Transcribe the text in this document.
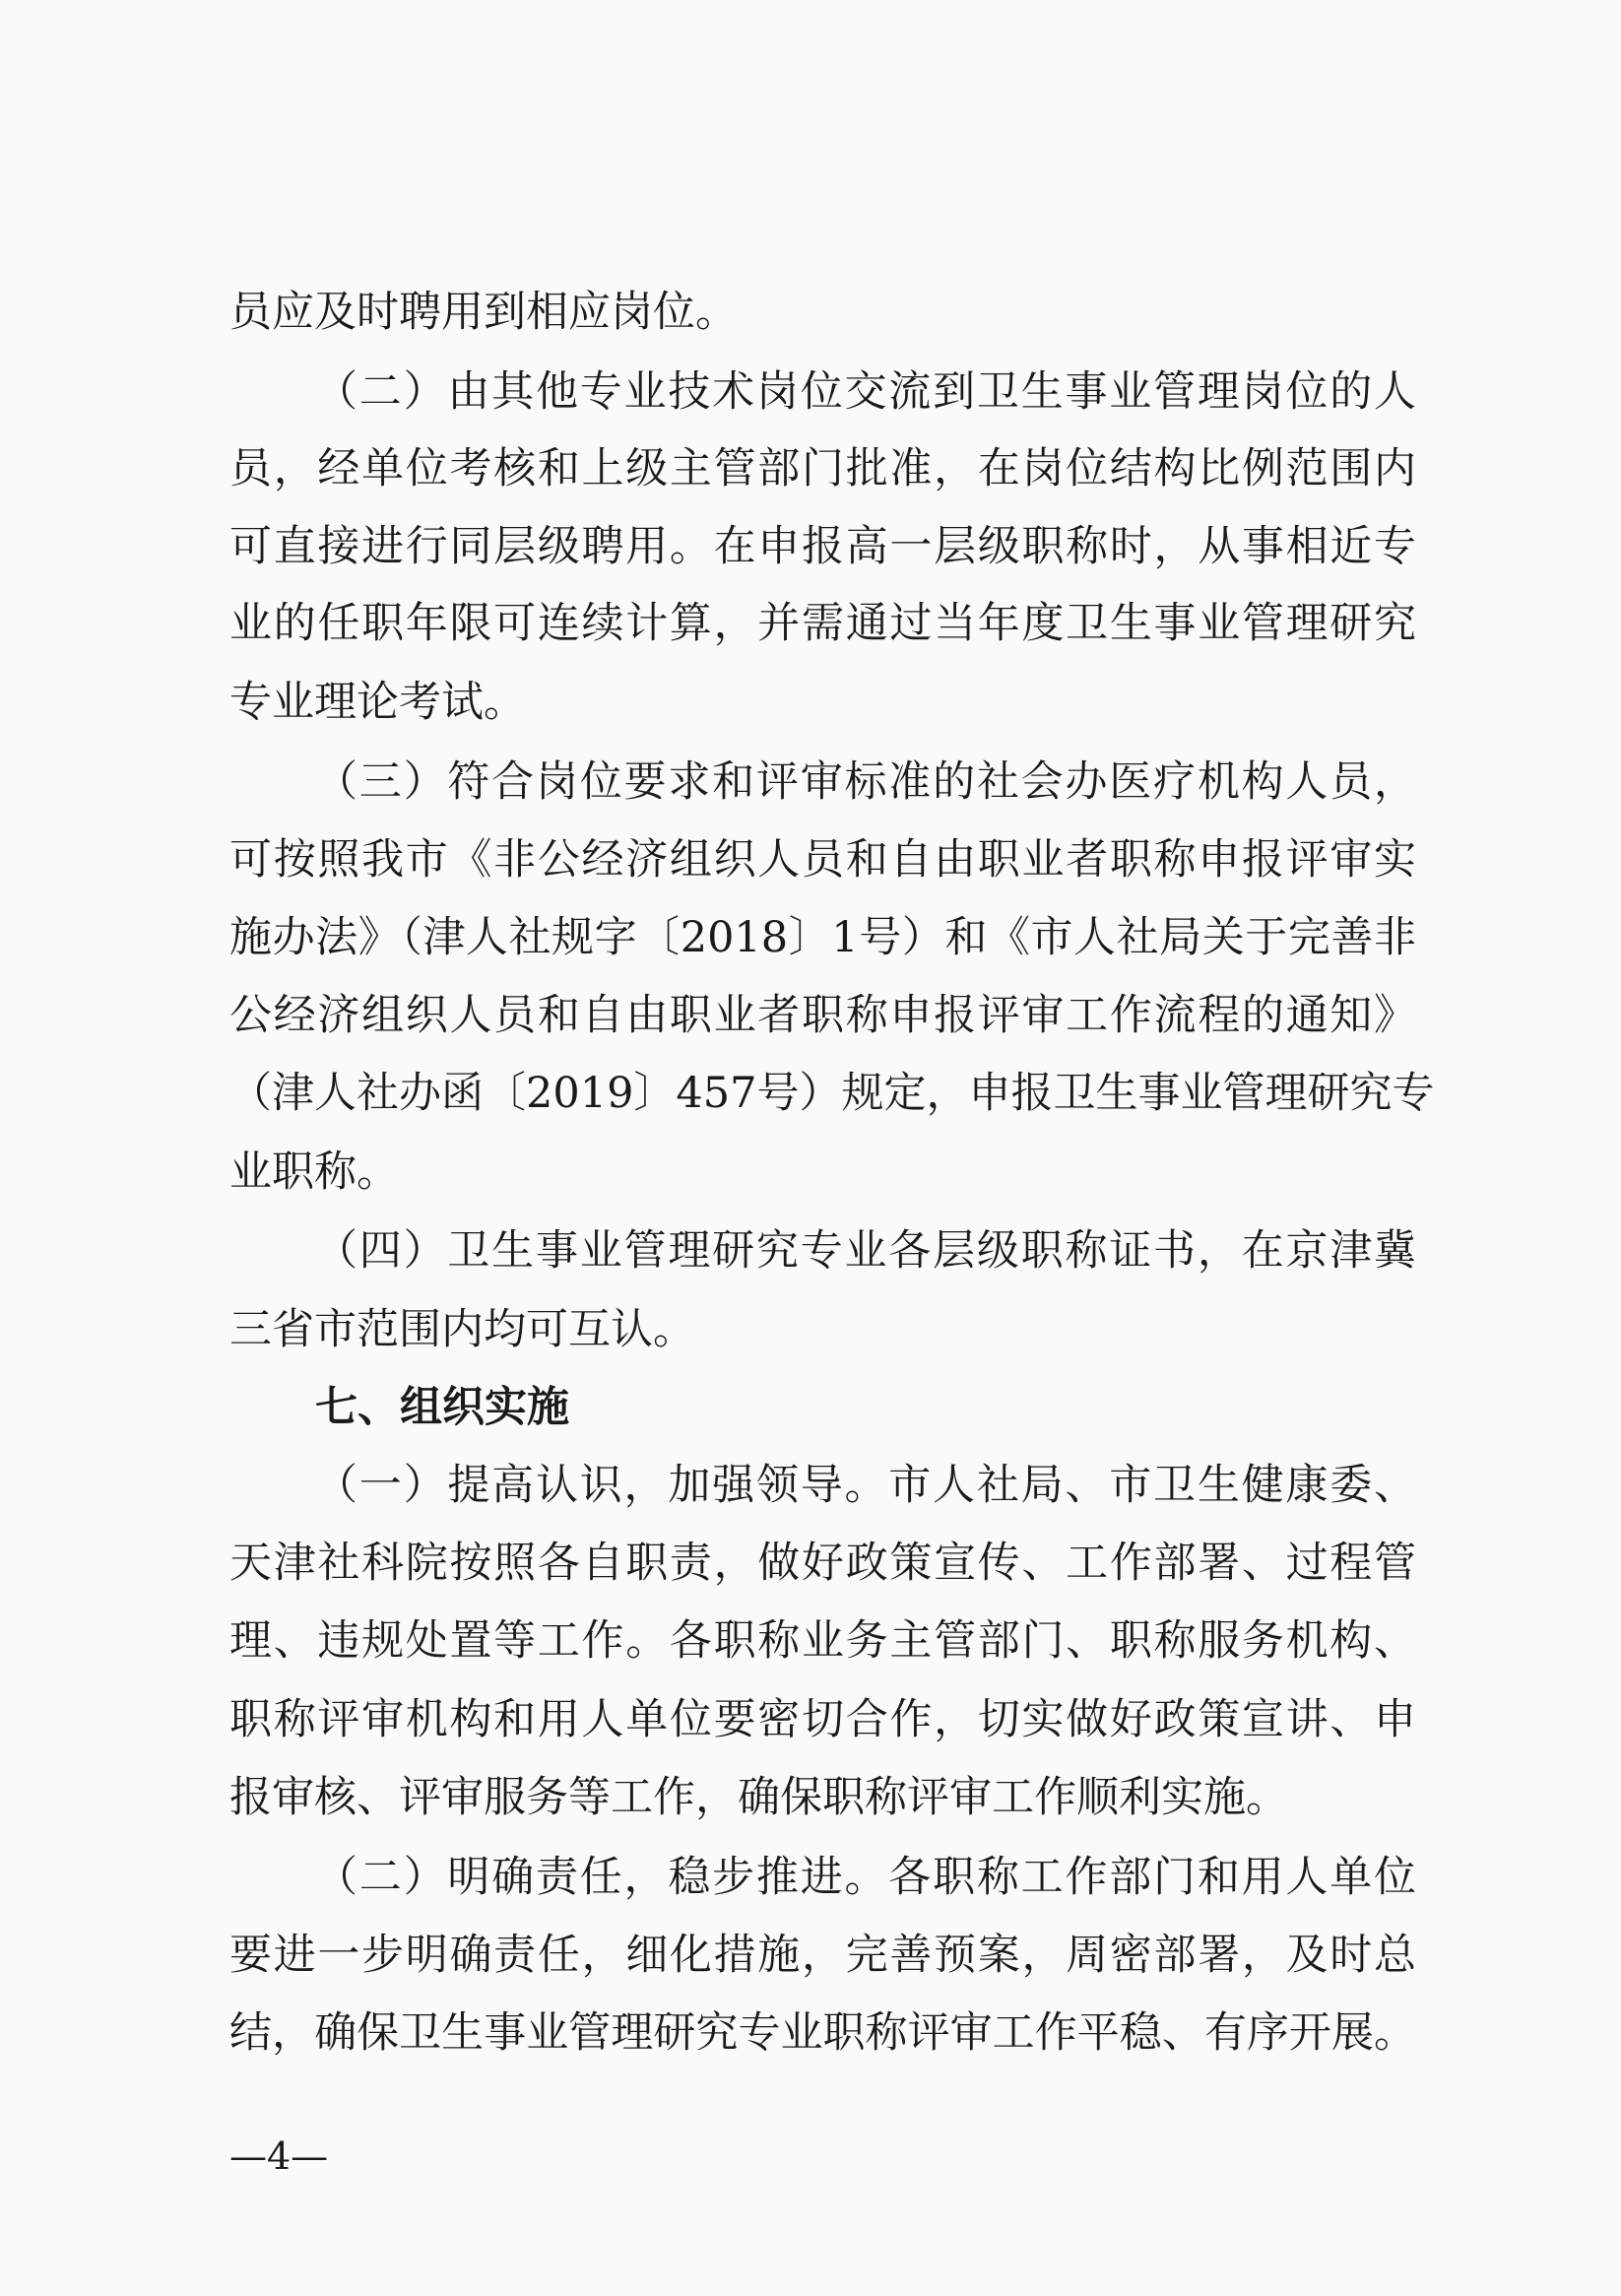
员应及时聘用到相应岗位。
（二）由其他专业技术岗位交流到卫生事业管理岗位的人
员，经单位考核和上级主管部门批准，在岗位结构比例范围内
可直接进行同层级聘用。在申报高一层级职称时，从事相近专
业的任职年限可连续计算，并需通过当年度卫生事业管理研究
专业理论考试。
（三）符合岗位要求和评审标准的社会办医疗机构人员，
可按照我市《非公经济组织人员和自由职业者职称申报评审实
施办法》（津人社规字〔2018〕1号）和《市人社局关于完善非
公经济组织人员和自由职业者职称申报评审工作流程的通知》
（津人社办函〔2019〕457号）规定，申报卫生事业管理研究专
业职称。
（四）卫生事业管理研究专业各层级职称证书，在京津冀
三省市范围内均可互认。
七、组织实施
（一）提高认识，加强领导。市人社局、市卫生健康委、
天津社科院按照各自职责，做好政策宣传、工作部署、过程管
理、违规处置等工作。各职称业务主管部门、职称服务机构、
职称评审机构和用人单位要密切合作，切实做好政策宣讲、申
报审核、评审服务等工作，确保职称评审工作顺利实施。
（二）明确责任，稳步推进。各职称工作部门和用人单位
要进一步明确责任，细化措施，完善预案，周密部署，及时总
结，确保卫生事业管理研究专业职称评审工作平稳、有序开展。
—4—
